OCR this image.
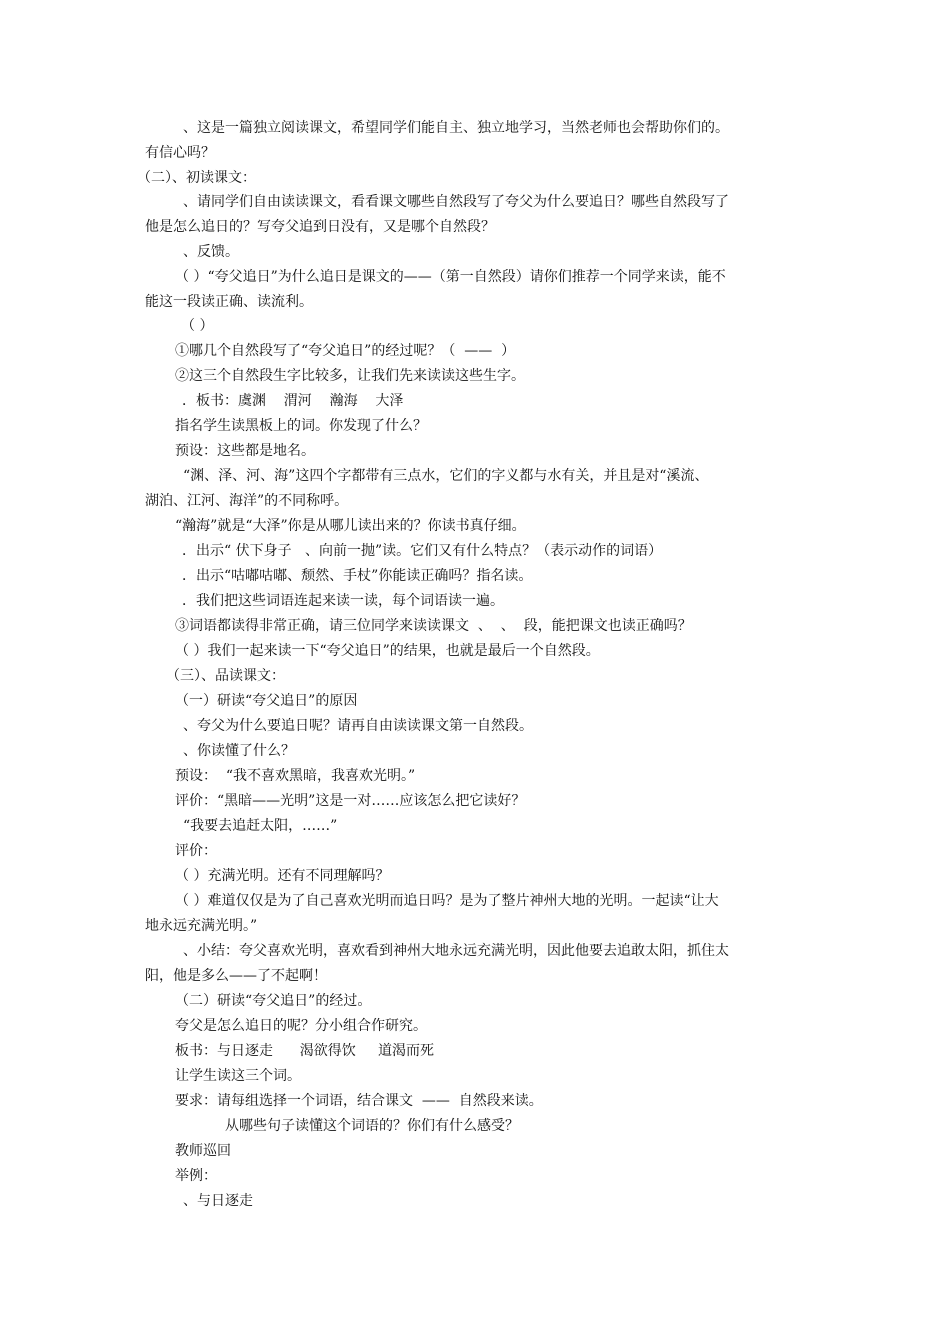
、这是一篇独立阅读课文，希望同学们能自主、独立地学习，当然老师也会帮助你们的。
有信心吗？
（二）、初读课文：
、请同学们自由读读课文，看看课文哪些自然段写了夸父为什么要追日？哪些自然段写了
他是怎么追日的？写夸父追到日没有，又是哪个自然段？
、反馈。
（ ）“夸父追日”为什么追日是课文的——（第一自然段）请你们推荐一个同学来读，能不
能这一段读正确、读流利。
（ ）
①哪几个自然段写了“夸父追日”的经过呢？（  ——  ）
②这三个自然段生字比较多，让我们先来读读这些生字。
．板书：虞渊    渭河    瀚海    大泽
指名学生读黑板上的词。你发现了什么？
预设：这些都是地名。
“渊、泽、河、海”这四个字都带有三点水，它们的字义都与水有关，并且是对“溪流、
湖泊、江河、海洋”的不同称呼。
“瀚海”就是“大泽”你是从哪儿读出来的？你读书真仔细。
．出示“ 伏下身子   、向前一抛”读。它们又有什么特点？（表示动作的词语）
．出示“咕嘟咕嘟、颓然、手杖”你能读正确吗？指名读。
．我们把这些词语连起来读一读，每个词语读一遍。
③词语都读得非常正确，请三位同学来读读课文  、  、  段，能把课文也读正确吗？
（ ）我们一起来读一下“夸父追日”的结果，也就是最后一个自然段。
（三）、品读课文：
（一）研读“夸父追日”的原因
、夸父为什么要追日呢？请再自由读读课文第一自然段。
、你读懂了什么？
预设：  “我不喜欢黑暗，我喜欢光明。”
评价：“黑暗——光明”这是一对……应该怎么把它读好？
“我要去追赶太阳，……”
评价：
（ ）充满光明。还有不同理解吗？
（ ）难道仅仅是为了自己喜欢光明而追日吗？是为了整片神州大地的光明。一起读“让大
地永远充满光明。”
、小结：夸父喜欢光明，喜欢看到神州大地永远充满光明，因此他要去追敢太阳，抓住太
阳，他是多么——了不起啊！
（二）研读“夸父追日”的经过。
夸父是怎么追日的呢？分小组合作研究。
板书：与日逐走      渴欲得饮     道渴而死
让学生读这三个词。
要求：请每组选择一个词语，结合课文  ——  自然段来读。
从哪些句子读懂这个词语的？你们有什么感受？
教师巡回
举例：
、与日逐走
